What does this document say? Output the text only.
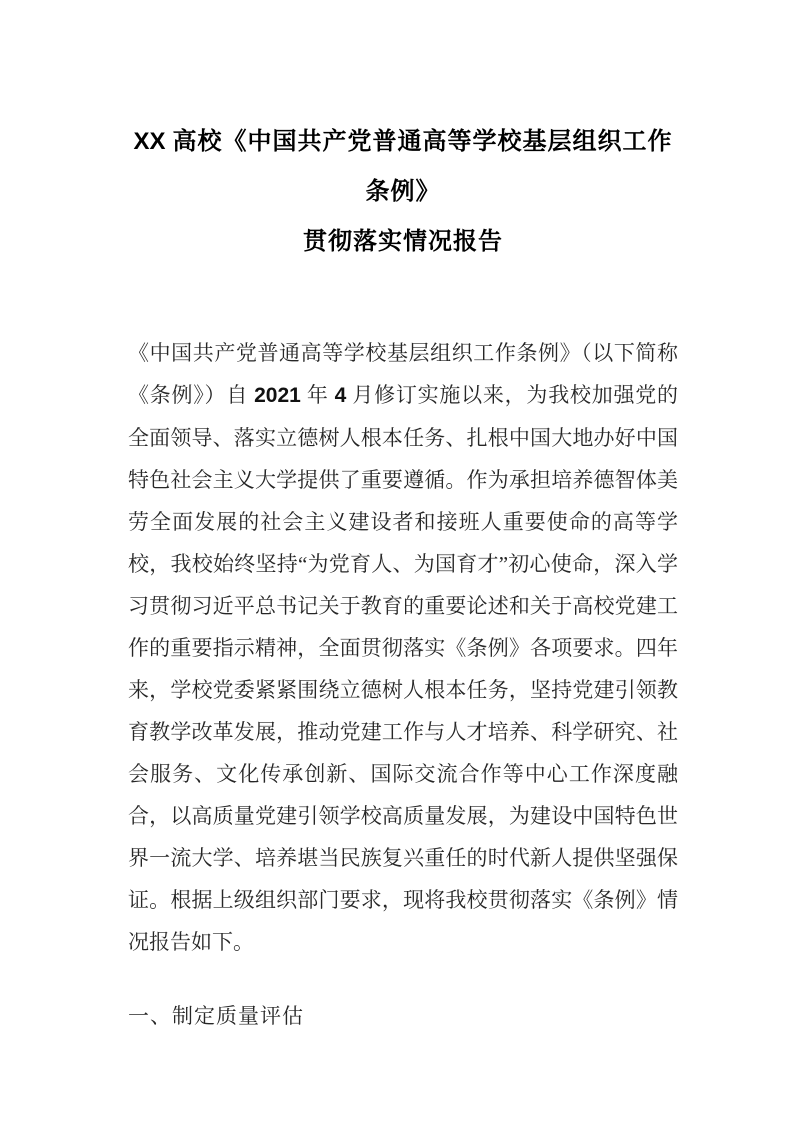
XX 高校《中国共产党普通高等学校基层组织工作条例》
贯彻落实情况报告
《中国共产党普通高等学校基层组织工作条例》（以下简称《条例》）自 2021 年 4 月修订实施以来，为我校加强党的全面领导、落实立德树人根本任务、扎根中国大地办好中国特色社会主义大学提供了重要遵循。作为承担培养德智体美劳全面发展的社会主义建设者和接班人重要使命的高等学校，我校始终坚持“为党育人、为国育才”初心使命，深入学习贯彻习近平总书记关于教育的重要论述和关于高校党建工作的重要指示精神，全面贯彻落实《条例》各项要求。四年来，学校党委紧紧围绕立德树人根本任务，坚持党建引领教育教学改革发展，推动党建工作与人才培养、科学研究、社会服务、文化传承创新、国际交流合作等中心工作深度融合，以高质量党建引领学校高质量发展，为建设中国特色世界一流大学、培养堪当民族复兴重任的时代新人提供坚强保证。根据上级组织部门要求，现将我校贯彻落实《条例》情况报告如下。
一、制定质量评估
